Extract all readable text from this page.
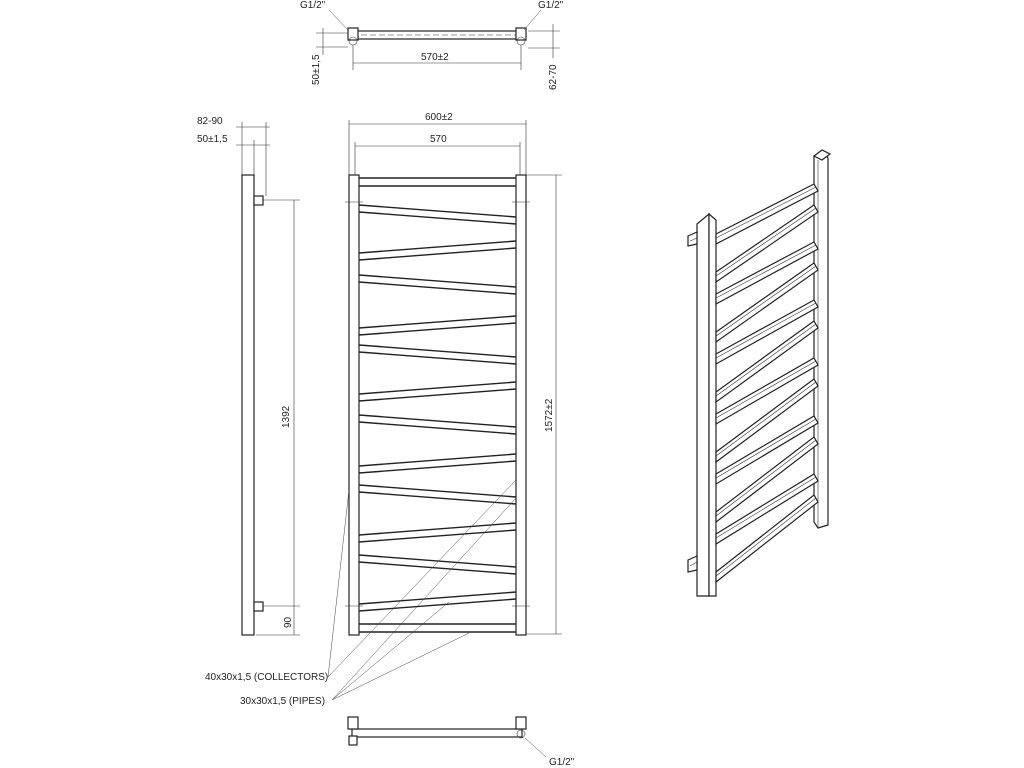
G1/2"	G1/2"
50±1,5	570±2
62-70
82-90
50±1,5
1392
90
600±2
570
1572±2
40x30x1,5 (COLLECTORS)
30x30x1,5 (PIPES)
G1/2"
